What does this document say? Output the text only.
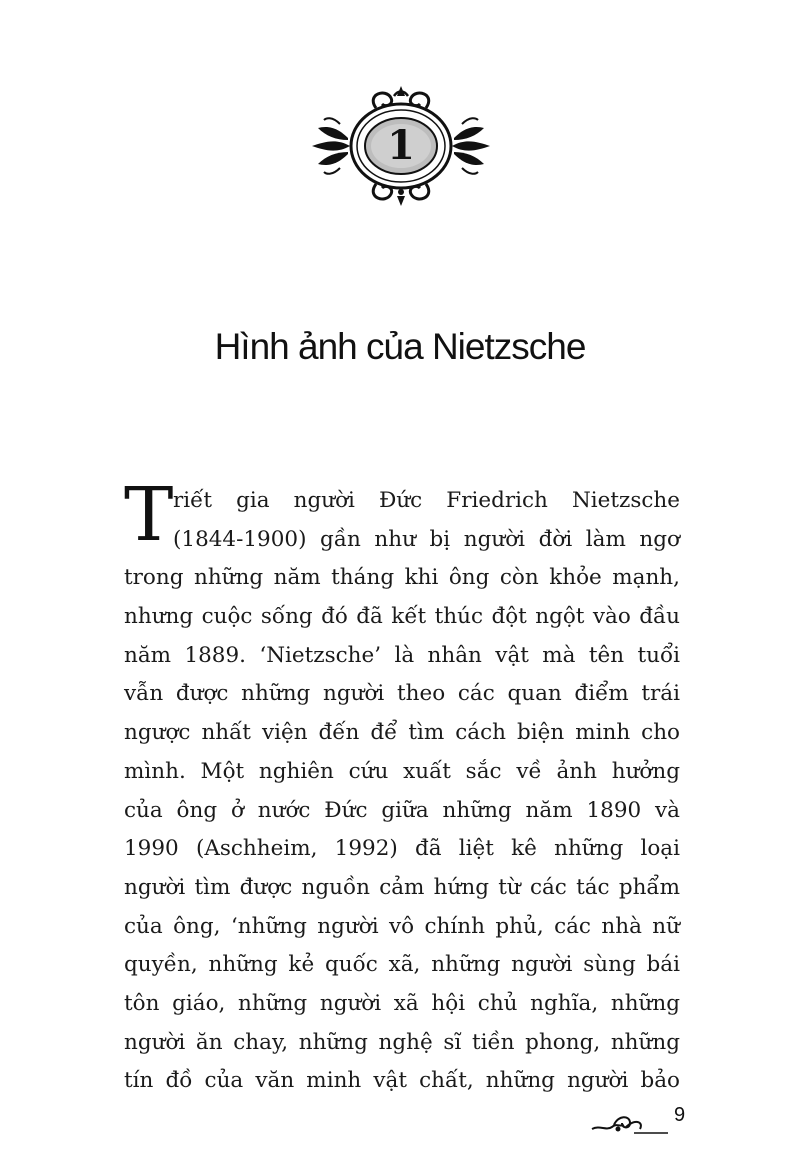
1
Hình ảnh của Nietzsche
T riết gia người Đức Friedrich Nietzsche
(1844-1900) gần như bị người đời làm ngơ
trong những năm tháng khi ông còn khỏe mạnh,
nhưng cuộc sống đó đã kết thúc đột ngột vào đầu
năm 1889. ‘Nietzsche’ là nhân vật mà tên tuổi
vẫn được những người theo các quan điểm trái
ngược nhất viện đến để tìm cách biện minh cho
mình. Một nghiên cứu xuất sắc về ảnh hưởng
của ông ở nước Đức giữa những năm 1890 và
1990 (Aschheim, 1992) đã liệt kê những loại
người tìm được nguồn cảm hứng từ các tác phẩm
của ông, ‘những người vô chính phủ, các nhà nữ
quyền, những kẻ quốc xã, những người sùng bái
tôn giáo, những người xã hội chủ nghĩa, những
người ăn chay, những nghệ sĩ tiền phong, những
tín đồ của văn minh vật chất, những người bảo
9
